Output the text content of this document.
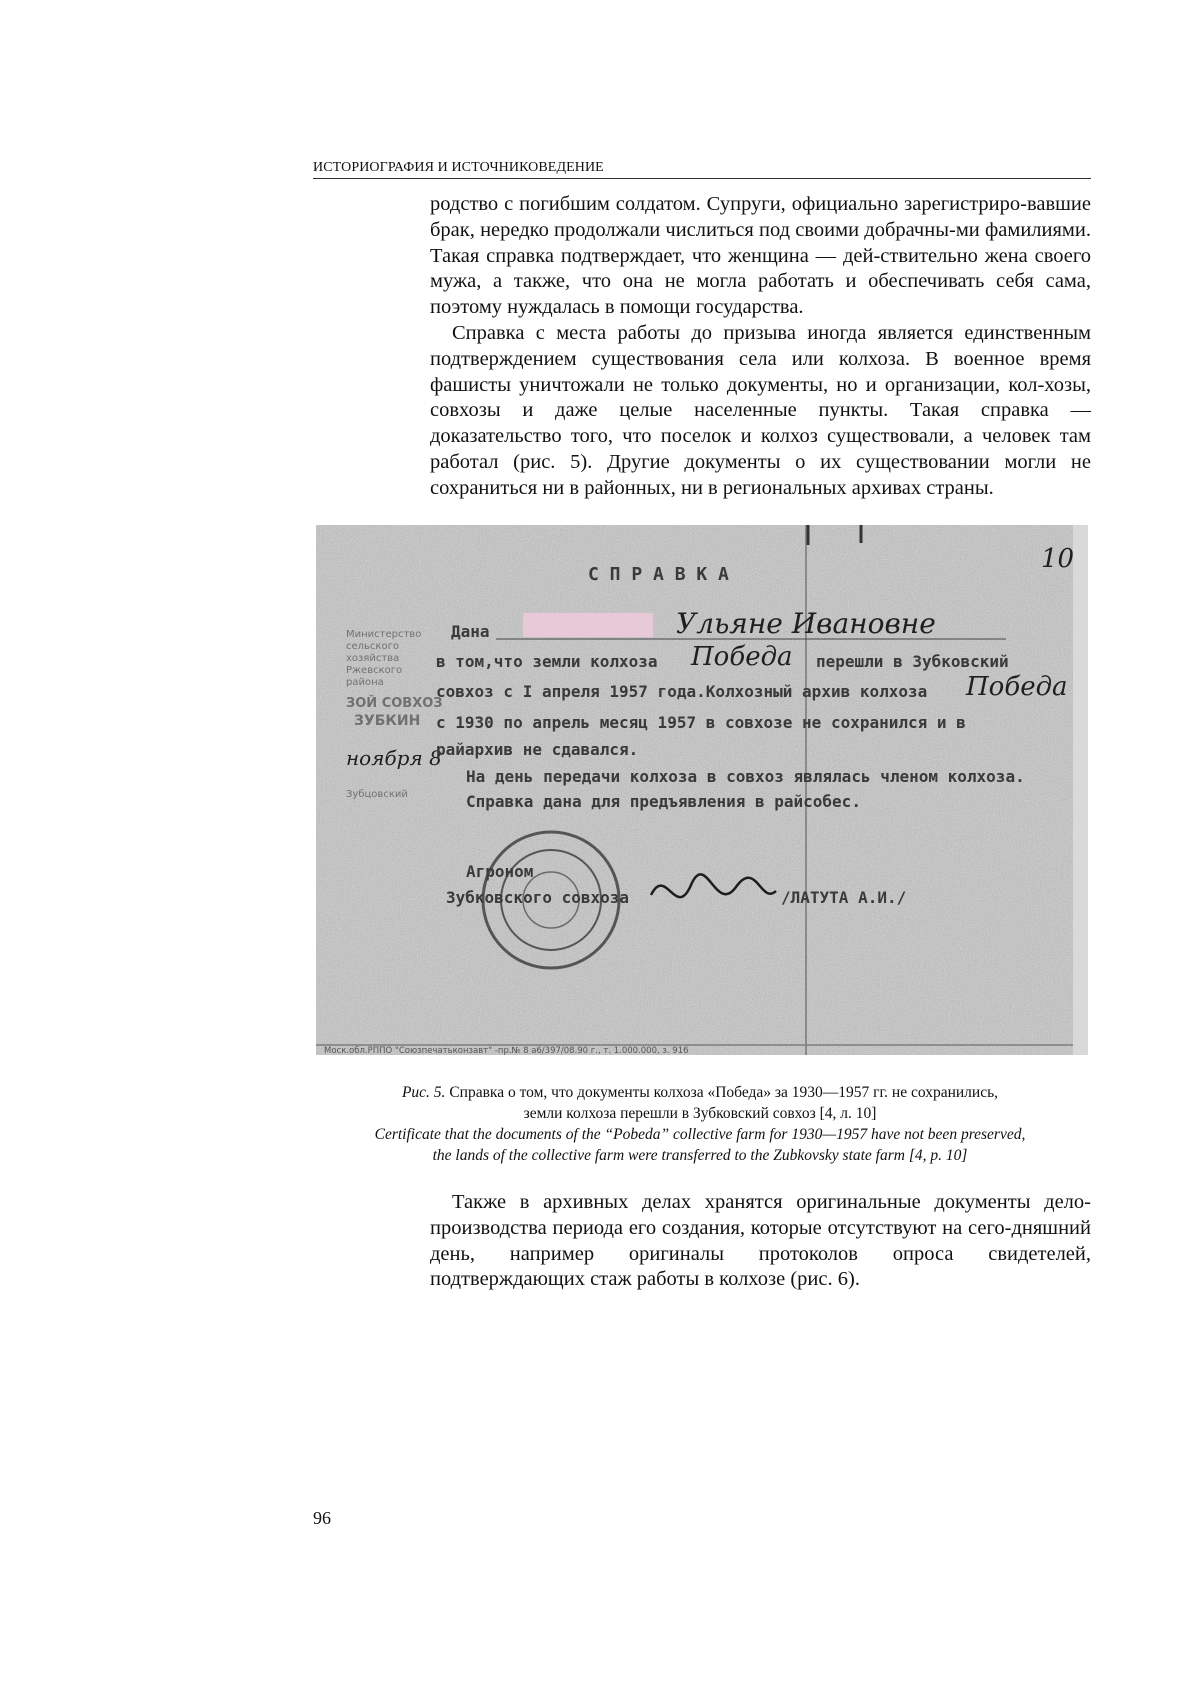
ИСТОРИОГРАФИЯ И ИСТОЧНИКОВЕДЕНИЕ

родство с погибшим солдатом. Супруги, официально зарегистриро-вавшие брак, нередко продолжали числиться под своими добрачны-ми фамилиями. Такая справка подтверждает, что женщина — дей-ствительно жена своего мужа, а также, что она не могла работать и обеспечивать себя сама, поэтому нуждалась в помощи государства.

Справка с места работы до призыва иногда является единственным подтверждением существования села или колхоза. В военное время фашисты уничтожали не только документы, но и организации, кол-хозы, совхозы и даже целые населенные пункты. Такая справка — доказательство того, что поселок и колхоз существовали, а человек там работал (рис. 5). Другие документы о их существовании могли не сохраниться ни в районных, ни в региональных архивах страны.

Министерство
сельского
хозяйства
Ржевского
района
ЗОЙ СОВХОЗ
ЗУБКИН
Зубцовский
ноября 8
10
С П Р А В К А
Дана	Ульяне Ивановне
в том,что земли колхоза Победа перешли в Зубковский
совхоз с I апреля 1957 года.Колхозный архив колхоза Победа
с 1930 по апрель месяц 1957 в совхозе не сохранился и в
райархив не сдавался.
На день передачи колхоза в совхоз являлась членом колхоза.
Справка дана для предъявления в райсобес.
Агроном
Зубковского совхоза	/ЛАТУТА А.И./
Моск.обл.РППО "Союзпечатьконзавт" -пр.№ 8 а6/397/08.90 г., т. 1.000.000, з. 916
Рис. 5. Справка о том, что документы колхоза «Победа» за 1930—1957 гг. не сохранились,
земли колхоза перешли в Зубковский совхоз [4, л. 10]
Certificate that the documents of the “Pobeda” collective farm for 1930—1957 have not been preserved,
the lands of the collective farm were transferred to the Zubkovsky state farm [4, p. 10]

Также в архивных делах хранятся оригинальные документы дело-производства периода его создания, которые отсутствуют на сего-дняшний день, например оригиналы протоколов опроса свидетелей, подтверждающих стаж работы в колхозе (рис. 6).

96
